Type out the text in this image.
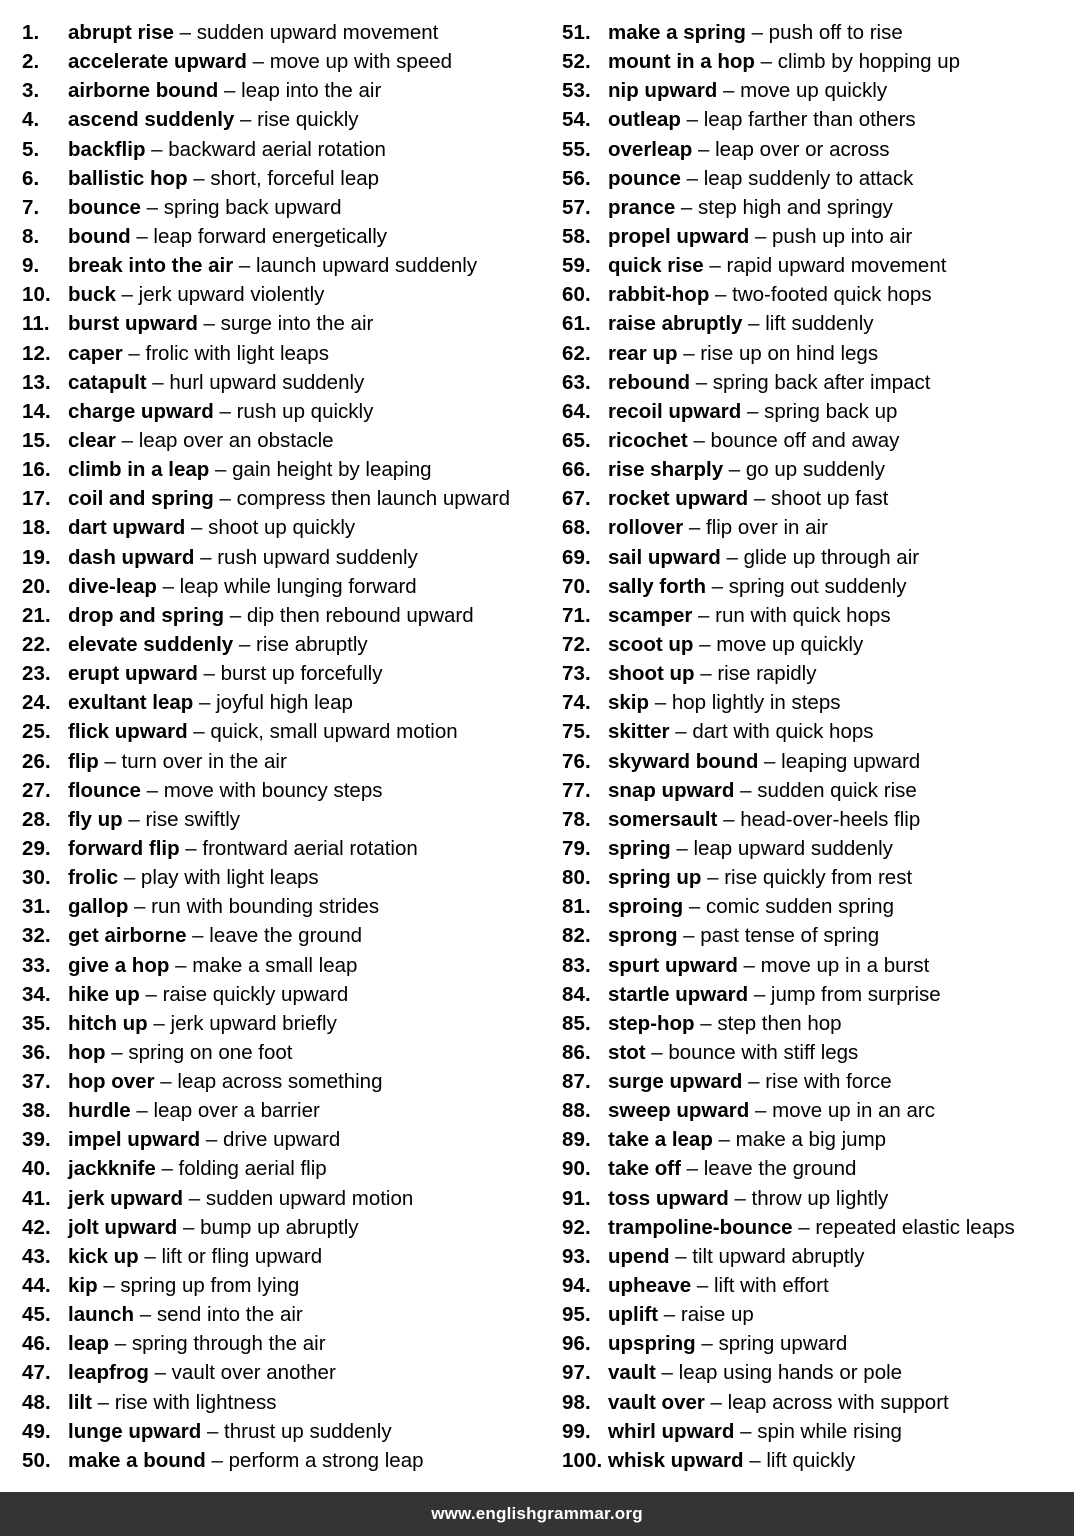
1.	abrupt rise – sudden upward movement
2.	accelerate upward – move up with speed
3.	airborne bound – leap into the air
4.	ascend suddenly – rise quickly
5.	backflip – backward aerial rotation
6.	ballistic hop – short, forceful leap
7.	bounce – spring back upward
8.	bound – leap forward energetically
9.	break into the air – launch upward suddenly
10. buck – jerk upward violently
11. burst upward – surge into the air
12. caper – frolic with light leaps
13. catapult – hurl upward suddenly
14. charge upward – rush up quickly
15. clear – leap over an obstacle
16. climb in a leap – gain height by leaping
17. coil and spring – compress then launch upward
18. dart upward – shoot up quickly
19. dash upward – rush upward suddenly
20. dive-leap – leap while lunging forward
21. drop and spring – dip then rebound upward
22. elevate suddenly – rise abruptly
23. erupt upward – burst up forcefully
24. exultant leap – joyful high leap
25. flick upward – quick, small upward motion
26. flip – turn over in the air
27. flounce – move with bouncy steps
28. fly up – rise swiftly
29. forward flip – frontward aerial rotation
30. frolic – play with light leaps
31. gallop – run with bounding strides
32. get airborne – leave the ground
33. give a hop – make a small leap
34. hike up – raise quickly upward
35. hitch up – jerk upward briefly
36. hop – spring on one foot
37. hop over – leap across something
38. hurdle – leap over a barrier
39. impel upward – drive upward
40. jackknife – folding aerial flip
41. jerk upward – sudden upward motion
42. jolt upward – bump up abruptly
43. kick up – lift or fling upward
44. kip – spring up from lying
45. launch – send into the air
46. leap – spring through the air
47. leapfrog – vault over another
48. lilt – rise with lightness
49. lunge upward – thrust up suddenly
50. make a bound – perform a strong leap
51. make a spring – push off to rise
52. mount in a hop – climb by hopping up
53. nip upward – move up quickly
54. outleap – leap farther than others
55. overleap – leap over or across
56. pounce – leap suddenly to attack
57. prance – step high and springy
58. propel upward – push up into air
59. quick rise – rapid upward movement
60. rabbit-hop – two-footed quick hops
61. raise abruptly – lift suddenly
62. rear up – rise up on hind legs
63. rebound – spring back after impact
64. recoil upward – spring back up
65. ricochet – bounce off and away
66. rise sharply – go up suddenly
67. rocket upward – shoot up fast
68. rollover – flip over in air
69. sail upward – glide up through air
70. sally forth – spring out suddenly
71. scamper – run with quick hops
72. scoot up – move up quickly
73. shoot up – rise rapidly
74. skip – hop lightly in steps
75. skitter – dart with quick hops
76. skyward bound – leaping upward
77. snap upward – sudden quick rise
78. somersault – head-over-heels flip
79. spring – leap upward suddenly
80. spring up – rise quickly from rest
81. sproing – comic sudden spring
82. sprong – past tense of spring
83. spurt upward – move up in a burst
84. startle upward – jump from surprise
85. step-hop – step then hop
86. stot – bounce with stiff legs
87. surge upward – rise with force
88. sweep upward – move up in an arc
89. take a leap – make a big jump
90. take off – leave the ground
91. toss upward – throw up lightly
92. trampoline-bounce – repeated elastic leaps
93. upend – tilt upward abruptly
94. upheave – lift with effort
95. uplift – raise up
96. upspring – spring upward
97. vault – leap using hands or pole
98. vault over – leap across with support
99. whirl upward – spin while rising
100. whisk upward – lift quickly
www.englishgrammar.org
